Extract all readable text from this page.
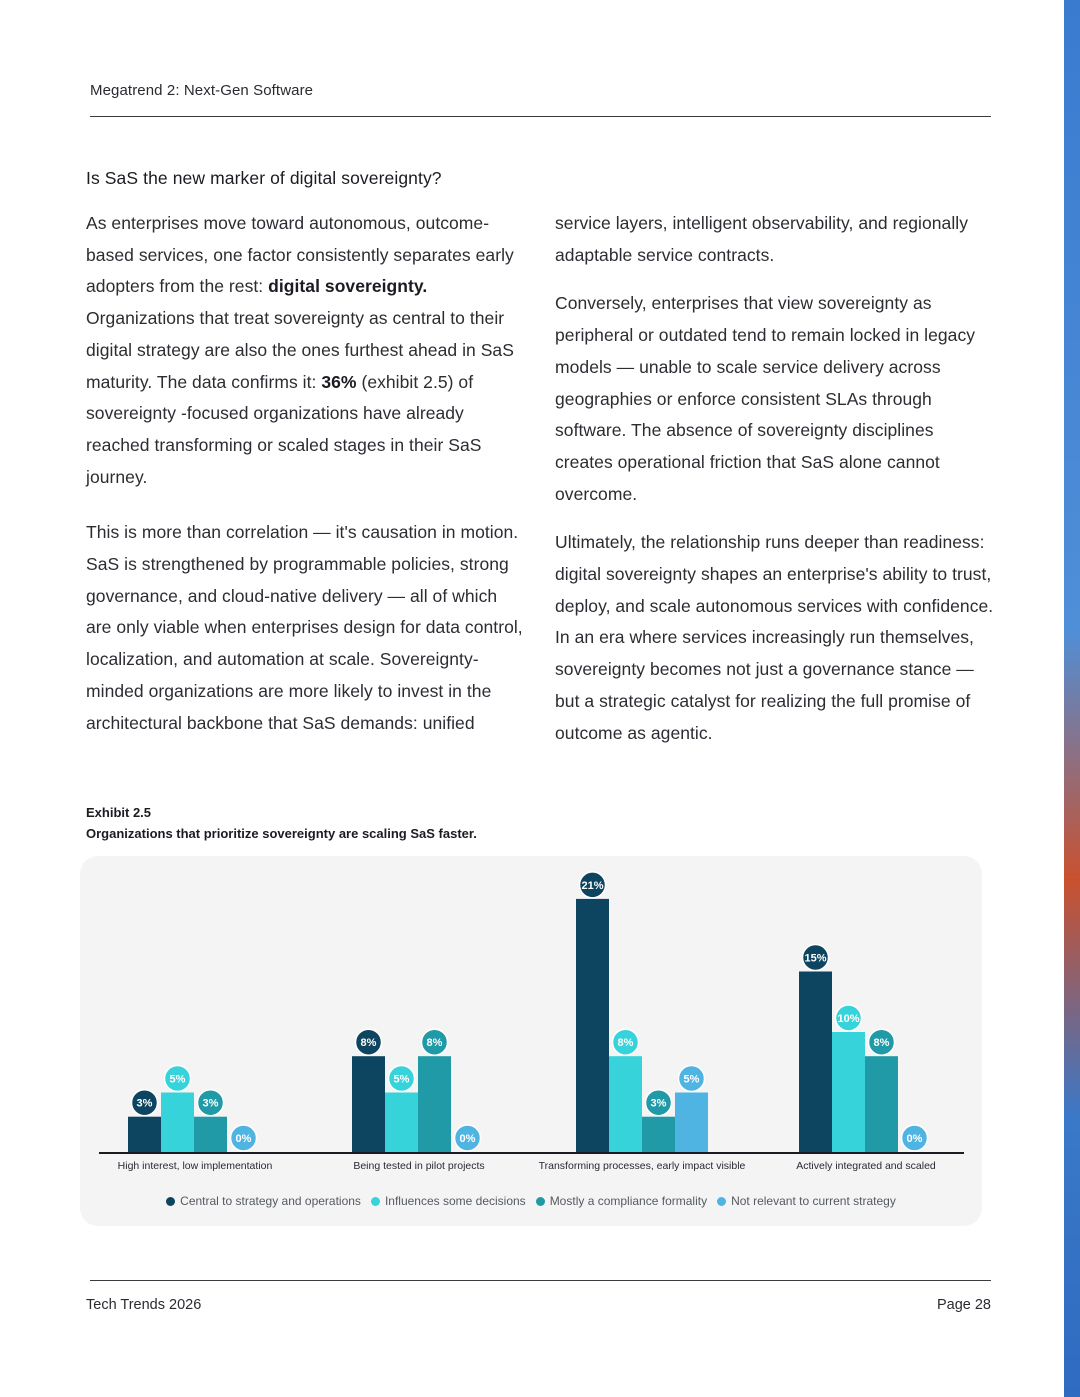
Megatrend 2: Next-Gen Software
Is SaS the new marker of digital sovereignty?

As enterprises move toward autonomous, outcome-based services, one factor consistently separates early adopters from the rest: digital sovereignty. Organizations that treat sovereignty as central to their digital strategy are also the ones furthest ahead in SaS maturity. The data confirms it: 36% (exhibit 2.5) of sovereignty -focused organizations have already reached transforming or scaled stages in their SaS journey.

This is more than correlation — it's causation in motion. SaS is strengthened by programmable policies, strong governance, and cloud-native delivery — all of which are only viable when enterprises design for data control, localization, and automation at scale. Sovereignty-minded organizations are more likely to invest in the architectural backbone that SaS demands: unified

service layers, intelligent observability, and regionally adaptable service contracts.

Conversely, enterprises that view sovereignty as peripheral or outdated tend to remain locked in legacy models — unable to scale service delivery across geographies or enforce consistent SLAs through software. The absence of sovereignty disciplines creates operational friction that SaS alone cannot overcome.

Ultimately, the relationship runs deeper than readiness: digital sovereignty shapes an enterprise's ability to trust, deploy, and scale autonomous services with confidence. In an era where services increasingly run themselves, sovereignty becomes not just a governance stance — but a strategic catalyst for realizing the full promise of outcome as agentic.

Exhibit 2.5
Organizations that prioritize sovereignty are scaling SaS faster.
3%
5%
3%
0%
High interest, low implementation
8%
5%
8%
0%
Being tested in pilot projects
21%
8%
3%
5%
Transforming processes, early impact visible
15%
10%
8%
0%
Actively integrated and scaled
Central to strategy and operations Influences some decisions Mostly a compliance formality Not relevant to current strategy
Tech Trends 2026	Page 28
